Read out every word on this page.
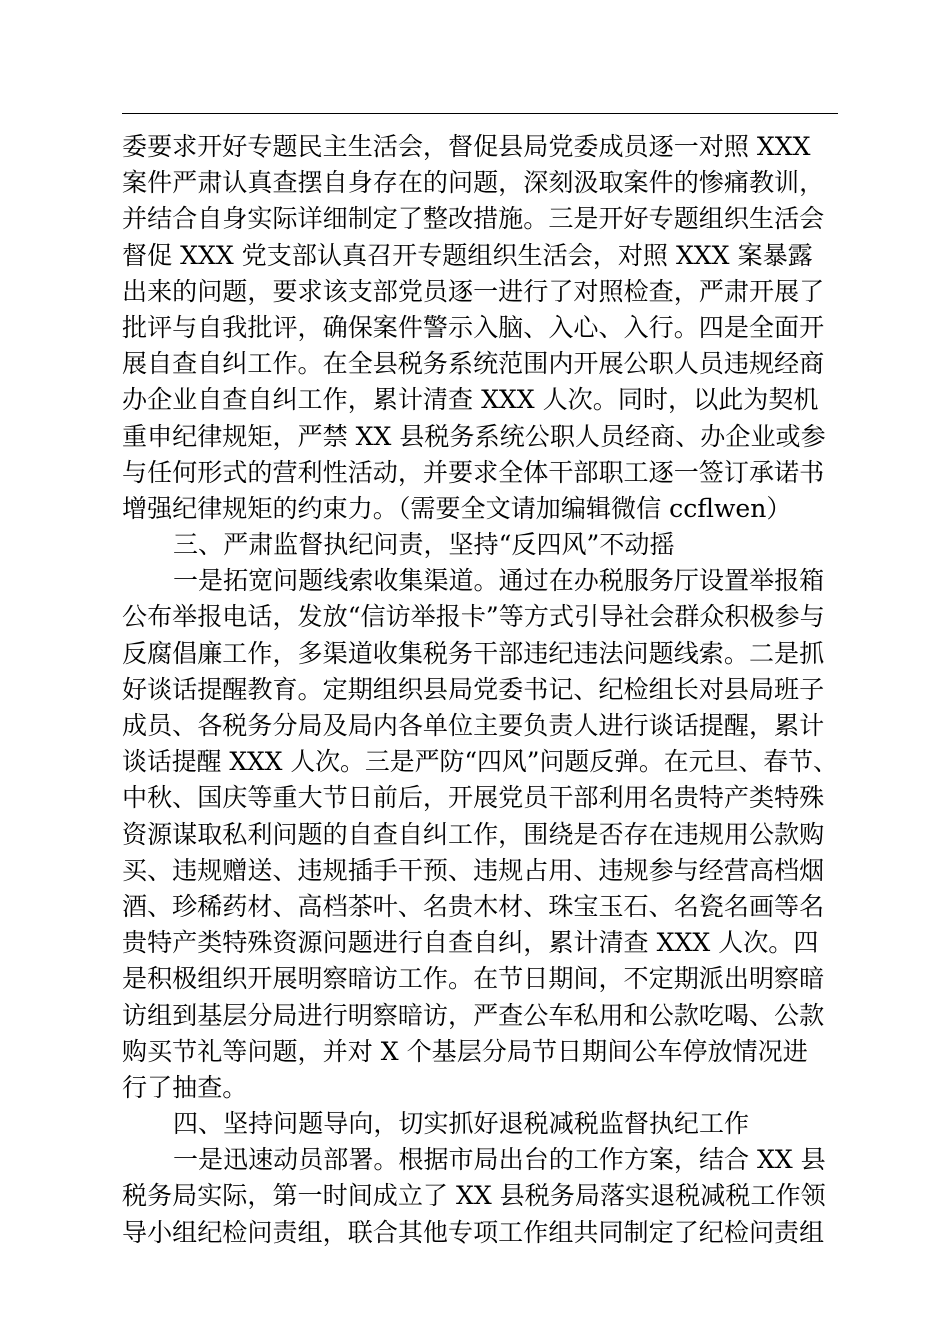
委要求开好专题民主生活会，督促县局党委成员逐一对照 XXX
案件严肃认真查摆自身存在的问题，深刻汲取案件的惨痛教训，
并结合自身实际详细制定了整改措施。三是开好专题组织生活会
督促 XXX 党支部认真召开专题组织生活会，对照 XXX 案暴露
出来的问题，要求该支部党员逐一进行了对照检查，严肃开展了
批评与自我批评，确保案件警示入脑、入心、入行。四是全面开
展自查自纠工作。在全县税务系统范围内开展公职人员违规经商
办企业自查自纠工作，累计清查 XXX 人次。同时，以此为契机
重申纪律规矩，严禁 XX 县税务系统公职人员经商、办企业或参
与任何形式的营利性活动，并要求全体干部职工逐一签订承诺书
增强纪律规矩的约束力。（需要全文请加编辑微信 ccflwen）
三、严肃监督执纪问责，坚持“反四风”不动摇
一是拓宽问题线索收集渠道。通过在办税服务厅设置举报箱
公布举报电话，发放“信访举报卡”等方式引导社会群众积极参与
反腐倡廉工作，多渠道收集税务干部违纪违法问题线索。二是抓
好谈话提醒教育。定期组织县局党委书记、纪检组长对县局班子
成员、各税务分局及局内各单位主要负责人进行谈话提醒，累计
谈话提醒 XXX 人次。三是严防“四风”问题反弹。在元旦、春节、
中秋、国庆等重大节日前后，开展党员干部利用名贵特产类特殊
资源谋取私利问题的自查自纠工作，围绕是否存在违规用公款购
买、违规赠送、违规插手干预、违规占用、违规参与经营高档烟
酒、珍稀药材、高档茶叶、名贵木材、珠宝玉石、名瓷名画等名
贵特产类特殊资源问题进行自查自纠，累计清查 XXX 人次。四
是积极组织开展明察暗访工作。在节日期间，不定期派出明察暗
访组到基层分局进行明察暗访，严查公车私用和公款吃喝、公款
购买节礼等问题，并对 X 个基层分局节日期间公车停放情况进
行了抽查。
四、坚持问题导向，切实抓好退税减税监督执纪工作
一是迅速动员部署。根据市局出台的工作方案，结合 XX 县
税务局实际，第一时间成立了 XX 县税务局落实退税减税工作领
导小组纪检问责组，联合其他专项工作组共同制定了纪检问责组
